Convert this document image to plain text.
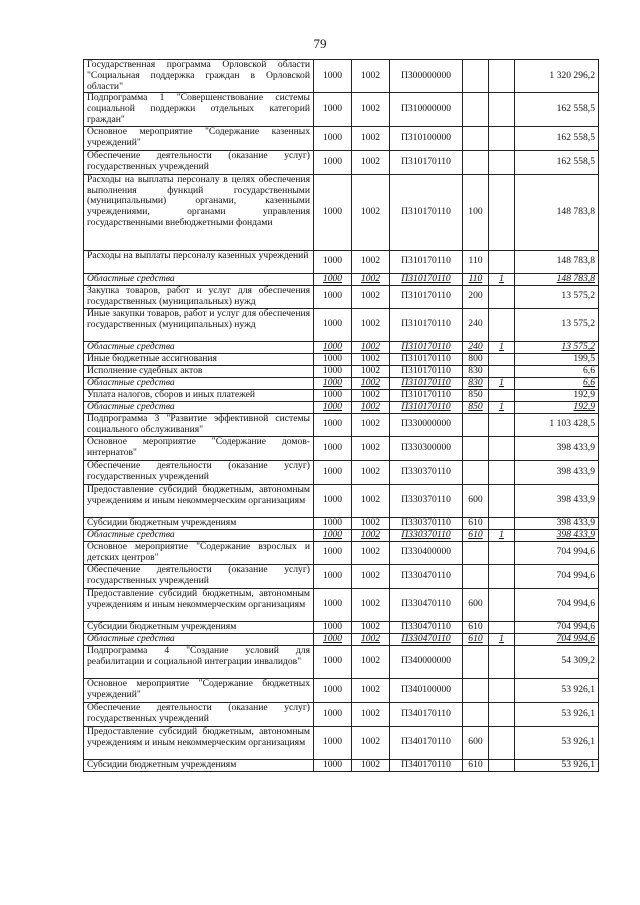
79
Государственная программа Орловской области "Социальная поддержка граждан в Орловской области"	1000	1002	П300000000			1 320 296,2
Подпрограмма 1 "Совершенствование системы социальной поддержки отдельных категорий граждан"	1000	1002	П310000000			162 558,5
Основное мероприятие "Содержание казенных учреждений"	1000	1002	П310100000			162 558,5
Обеспечение деятельности (оказание услуг) государственных учреждений	1000	1002	П310170110			162 558,5
Расходы на выплаты персоналу в целях обеспечения выполнения функций государственными (муниципальными) органами, казенными учреждениями, органами управления государственными внебюджетными фондами	1000	1002	П310170110	100		148 783,8
Расходы на выплаты персоналу казенных учреждений	1000	1002	П310170110	110		148 783,8
Областные средства	1000	1002	П310170110	110	1	148 783,8
Закупка товаров, работ и услуг для обеспечения государственных (муниципальных) нужд	1000	1002	П310170110	200		13 575,2
Иные закупки товаров, работ и услуг для обеспечения государственных (муниципальных) нужд	1000	1002	П310170110	240		13 575,2
Областные средства	1000	1002	П310170110	240	1	13 575,2
Иные бюджетные ассигнования	1000	1002	П310170110	800		199,5
Исполнение судебных актов	1000	1002	П310170110	830		6,6
Областные средства	1000	1002	П310170110	830	1	6,6
Уплата налогов, сборов и иных платежей	1000	1002	П310170110	850		192,9
Областные средства	1000	1002	П310170110	850	1	192,9
Подпрограмма 3 "Развитие эффективной системы социального обслуживания"	1000	1002	П330000000			1 103 428,5
Основное мероприятие "Содержание домов-интернатов"	1000	1002	П330300000			398 433,9
Обеспечение деятельности (оказание услуг) государственных учреждений	1000	1002	П330370110			398 433,9
Предоставление субсидий бюджетным, автономным учреждениям и иным некоммерческим организациям	1000	1002	П330370110	600		398 433,9
Субсидии бюджетным учреждениям	1000	1002	П330370110	610		398 433,9
Областные средства	1000	1002	П330370110	610	1	398 433,9
Основное мероприятие "Содержание взрослых и детских центров"	1000	1002	П330400000			704 994,6
Обеспечение деятельности (оказание услуг) государственных учреждений	1000	1002	П330470110			704 994,6
Предоставление субсидий бюджетным, автономным учреждениям и иным некоммерческим организациям	1000	1002	П330470110	600		704 994,6
Субсидии бюджетным учреждениям	1000	1002	П330470110	610		704 994,6
Областные средства	1000	1002	П330470110	610	1	704 994,6
Подпрограмма 4 "Создание условий для реабилитации и социальной интеграции инвалидов"	1000	1002	П340000000			54 309,2
Основное мероприятие "Содержание бюджетных учреждений"	1000	1002	П340100000			53 926,1
Обеспечение деятельности (оказание услуг) государственных учреждений	1000	1002	П340170110			53 926,1
Предоставление субсидий бюджетным, автономным учреждениям и иным некоммерческим организациям	1000	1002	П340170110	600		53 926,1
Субсидии бюджетным учреждениям	1000	1002	П340170110	610		53 926,1
